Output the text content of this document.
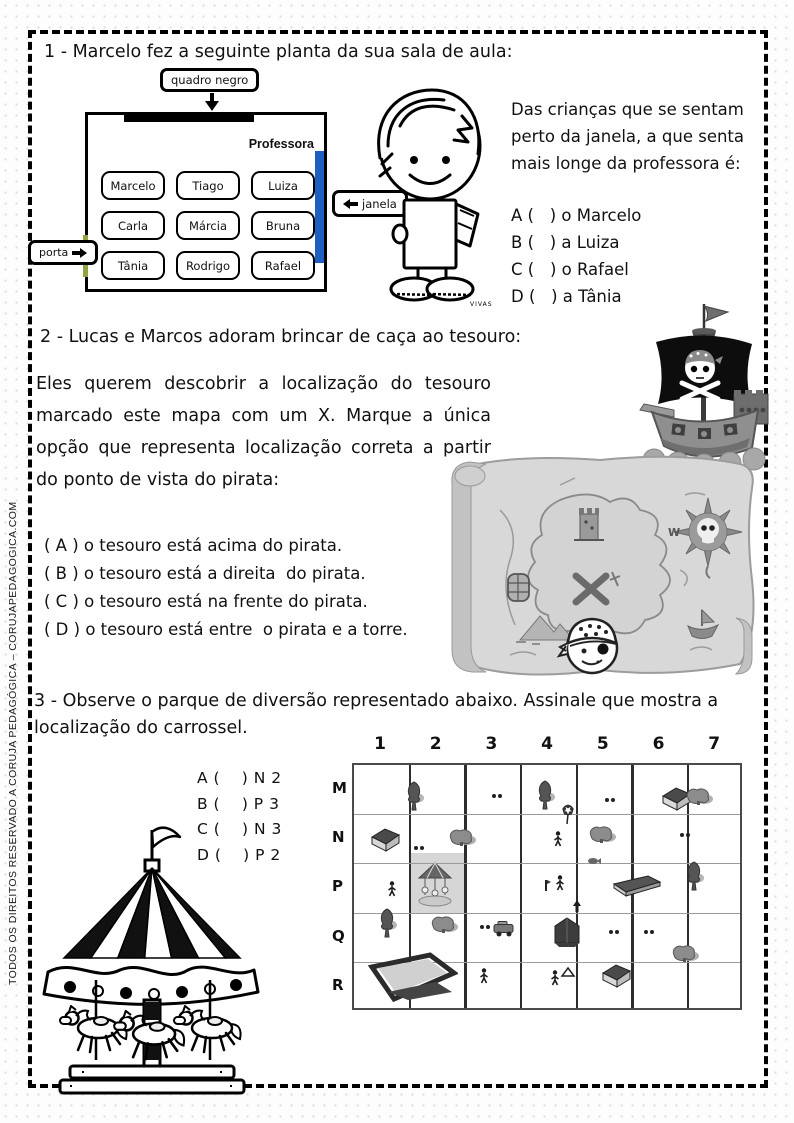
TODOS OS DIREITOS RESERVADO A CORUJA PEDAGÓGICA – CORUJAPEDAGOGICA.COM
1 - Marcelo fez a seguinte planta da sua sala de aula:
quadro negro
Professora
Marcelo	Tiago	Luiza
Carla	Márcia	Bruna
Tânia	Rodrigo	Rafael
janela
porta
VIVAS
Das crianças que se sentam perto da janela, a que senta mais longe da professora é:
A (   ) o Marcelo
B (   ) a Luiza
C (   ) o Rafael
D (   ) a Tânia
2 - Lucas e Marcos adoram brincar de caça ao tesouro:
Eles querem descobrir a localização do tesouro marcado este mapa com um X. Marque a única opção que representa localização correta a partir do ponto de vista do pirata:
( A ) o tesouro está acima do pirata.
( B ) o tesouro está a direita  do pirata.
( C ) o tesouro está na frente do pirata.
( D ) o tesouro está entre  o pirata e a torre.
W
3 - Observe o parque de diversão representado abaixo. Assinale que mostra a localização do carrossel.
A (    ) N 2
B (    ) P 3
C (    ) N 3
D (    ) P 2
1	2	3	4	5	6	7
M
N
P
Q
R
